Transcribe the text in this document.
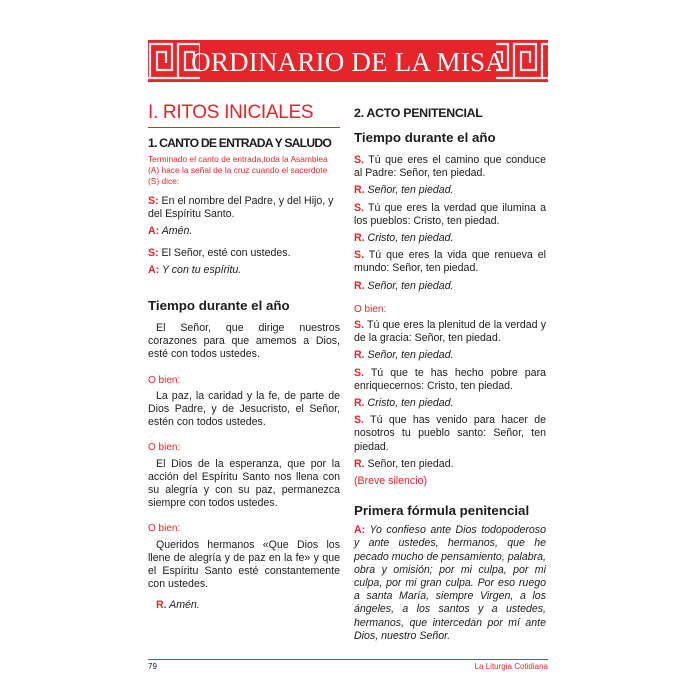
ORDINARIO DE LA MISA
I. RITOS INICIALES
1. CANTO DE ENTRADA Y SALUDO

Terminado el canto de entrada,toda la Asamblea (A) hace la señal de la cruz cuando el sacerdote (S) dice:

S: En el nombre del Padre, y del Hijo, y del Espíritu Santo.

A: Amén.

S: El Señor, esté con ustedes.

A: Y con tu espíritu.

Tiempo durante el año

El Señor, que dirige nuestros corazones para que amemos a Dios, esté con todos ustedes.

O bien:

La paz, la caridad y la fe, de parte de Dios Padre, y de Jesucristo, el Señor, estén con todos ustedes.

O bien:

El Dios de la esperanza, que por la acción del Espíritu Santo nos llena con su alegría y con su paz, permanezca siempre con todos ustedes.

O bien:

Queridos hermanos «Que Dios los llene de alegría y de paz en la fe» y que el Espíritu Santo esté constantemente con ustedes.

R. Amén.

2. ACTO PENITENCIAL
Tiempo durante el año

S. Tú que eres el camino que conduce al Padre: Señor, ten piedad.

R. Señor, ten piedad.

S. Tú que eres la verdad que ilumina a los pueblos: Cristo, ten piedad.

R. Cristo, ten piedad.

S. Tú que eres la vida que renueva el mundo: Señor, ten piedad.

R. Señor, ten piedad.

O bien:

S. Tú que eres la plenitud de la verdad y de la gracia: Señor, ten piedad.

R. Señor, ten piedad.

S. Tú que te has hecho pobre para enriquecernos: Cristo, ten piedad.

R. Cristo, ten piedad.

S. Tú que has venido para hacer de nosotros tu pueblo santo: Señor, ten piedad.

R. Señor, ten piedad.

(Breve silencio)

Primera fórmula penitencial

A: Yo confieso ante Dios todopoderoso y ante ustedes, hermanos, que he pecado mucho de pensamiento, palabra, obra y omisión; por mi culpa, por mi culpa, por mi gran culpa. Por eso ruego a santa María, siempre Virgen, a los ángeles, a los santos y a ustedes, hermanos, que intercedan por mí ante Dios, nuestro Señor.

79	La Liturgia Cotidiana
